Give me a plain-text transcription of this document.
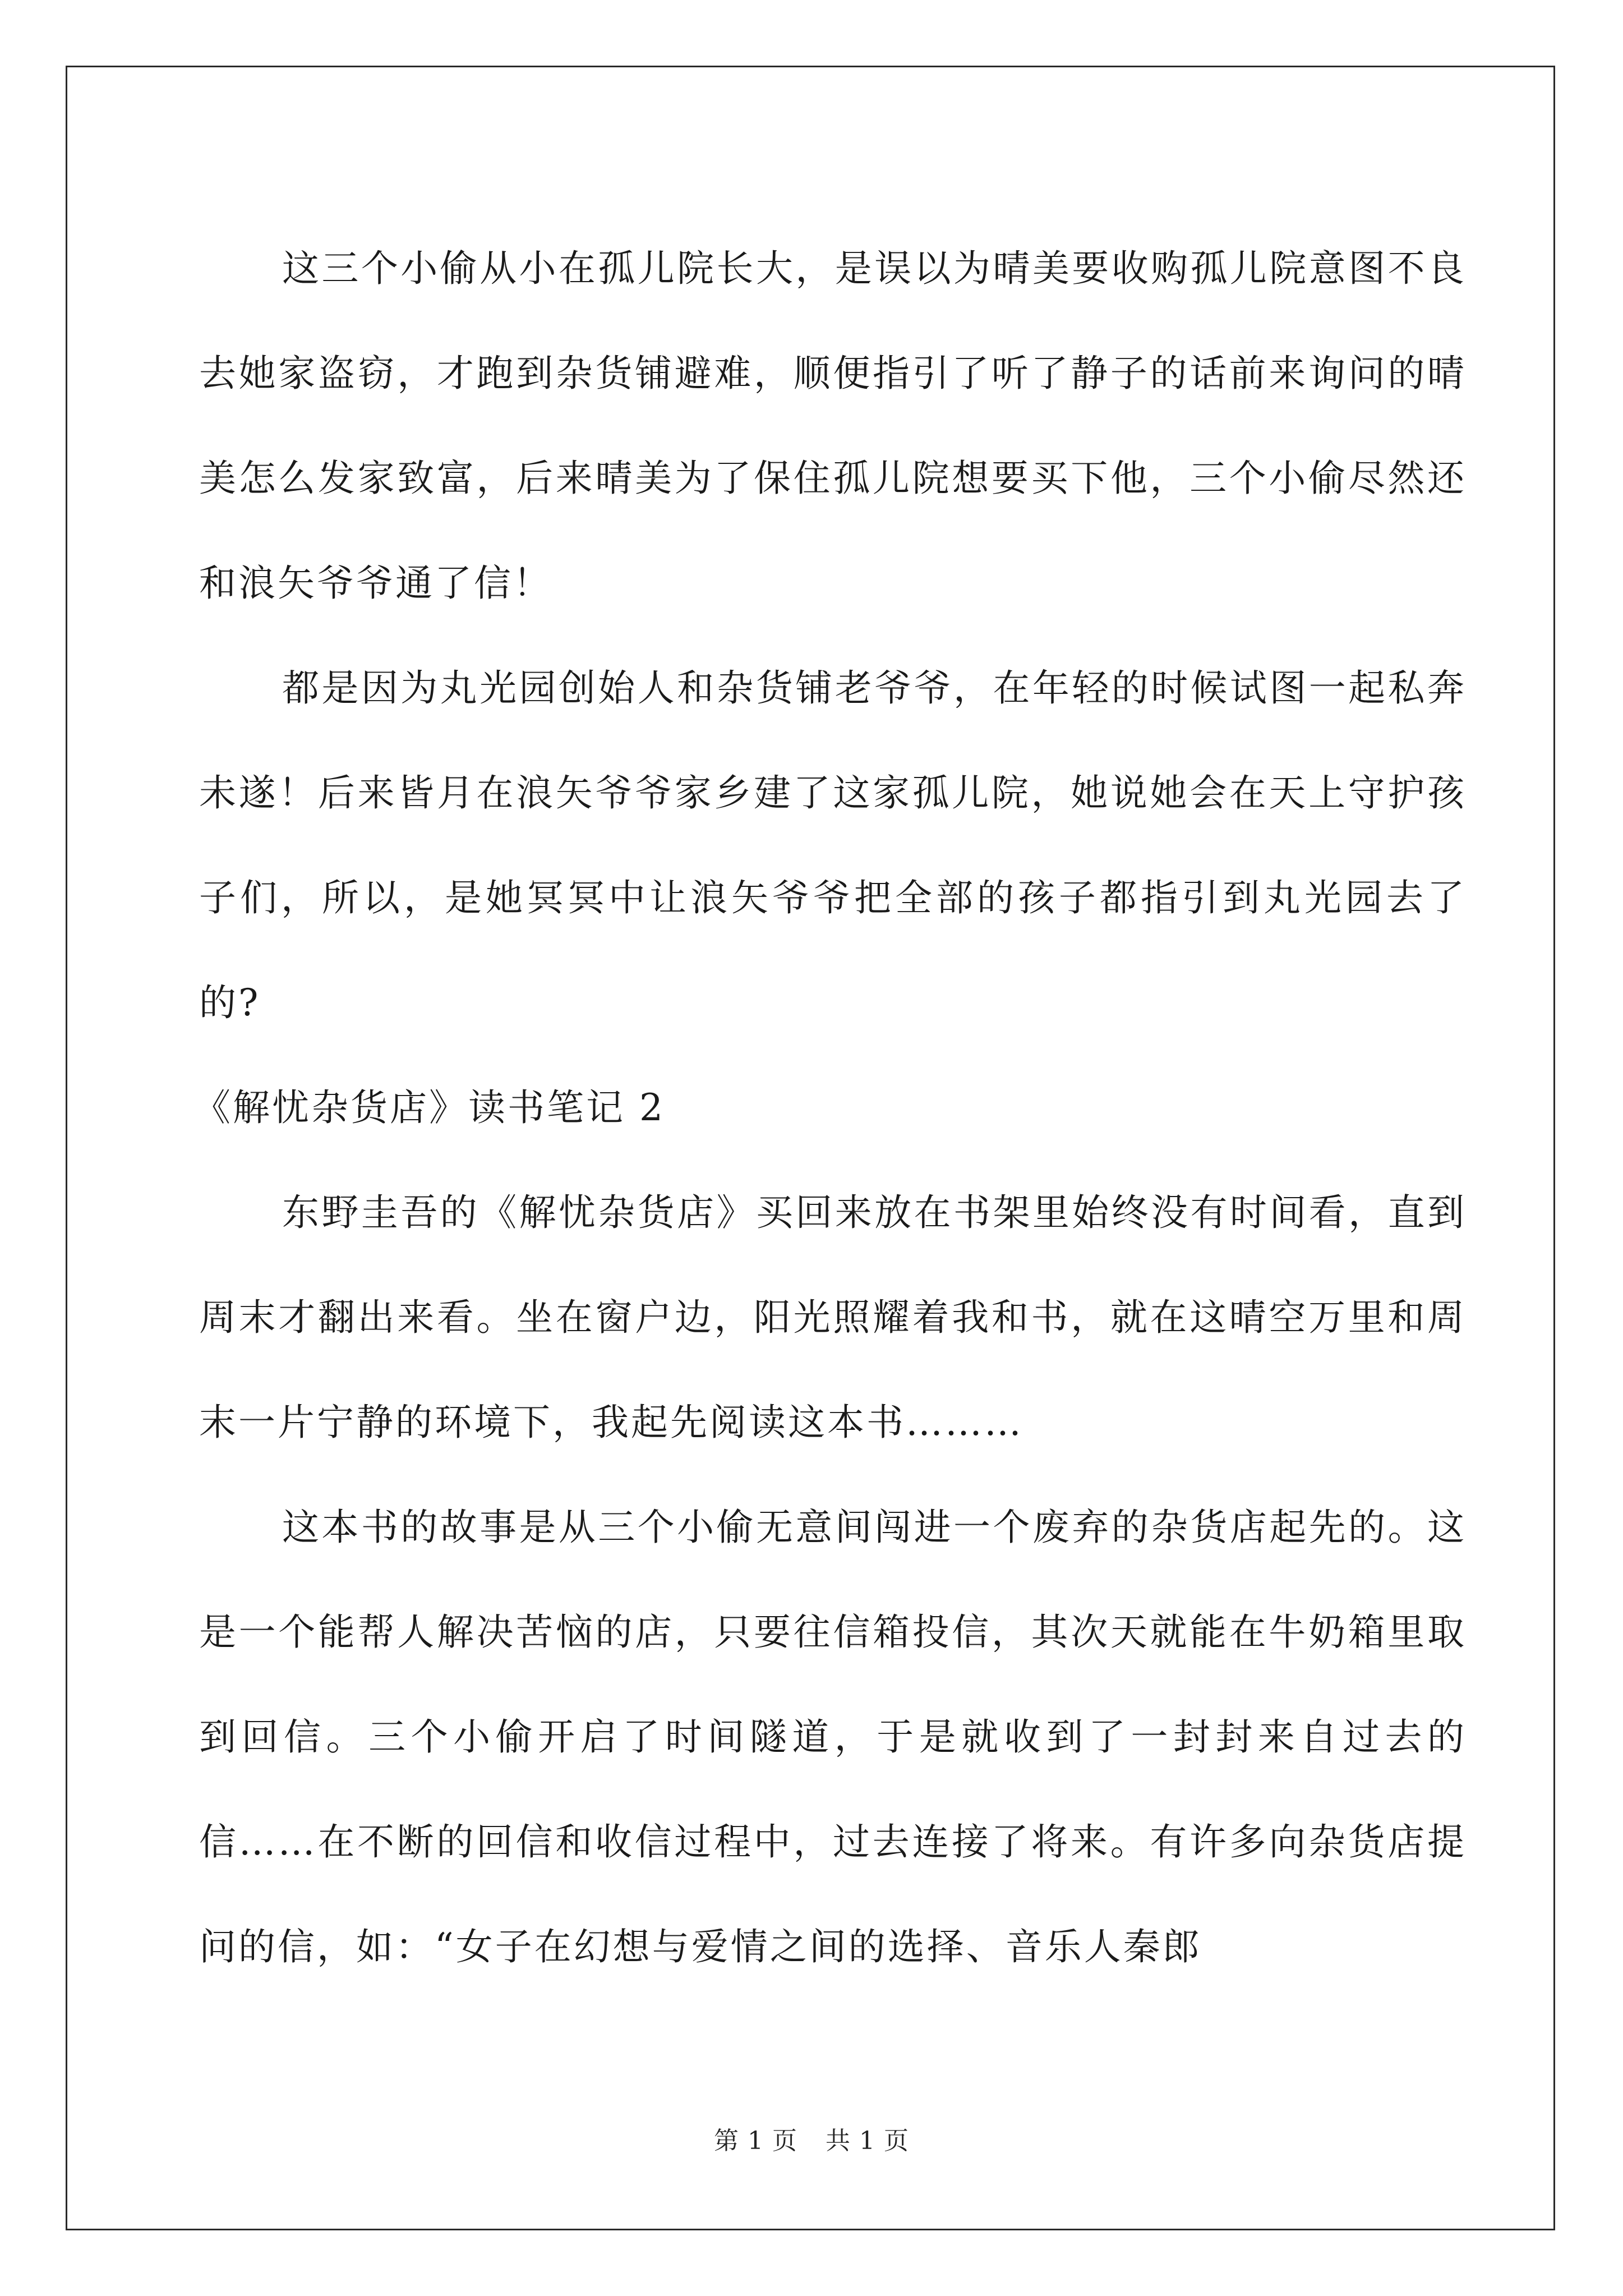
这三个小偷从小在孤儿院长大，是误以为晴美要收购孤儿院意图不良去她家盗窃，才跑到杂货铺避难，顺便指引了听了静子的话前来询问的晴美怎么发家致富，后来晴美为了保住孤儿院想要买下他，三个小偷尽然还和浪矢爷爷通了信！

都是因为丸光园创始人和杂货铺老爷爷，在年轻的时候试图一起私奔未遂！后来皆月在浪矢爷爷家乡建了这家孤儿院，她说她会在天上守护孩子们，所以，是她冥冥中让浪矢爷爷把全部的孩子都指引到丸光园去了的?

《解忧杂货店》读书笔记 2

东野圭吾的《解忧杂货店》买回来放在书架里始终没有时间看，直到周末才翻出来看。坐在窗户边，阳光照耀着我和书，就在这晴空万里和周末一片宁静的环境下，我起先阅读这本书………

这本书的故事是从三个小偷无意间闯进一个废弃的杂货店起先的。这是一个能帮人解决苦恼的店，只要往信箱投信，其次天就能在牛奶箱里取到回信。三个小偷开启了时间隧道，于是就收到了一封封来自过去的信……在不断的回信和收信过程中，过去连接了将来。有许多向杂货店提问的信，如：“女子在幻想与爱情之间的选择、音乐人秦郎

第 1 页 共 1 页
